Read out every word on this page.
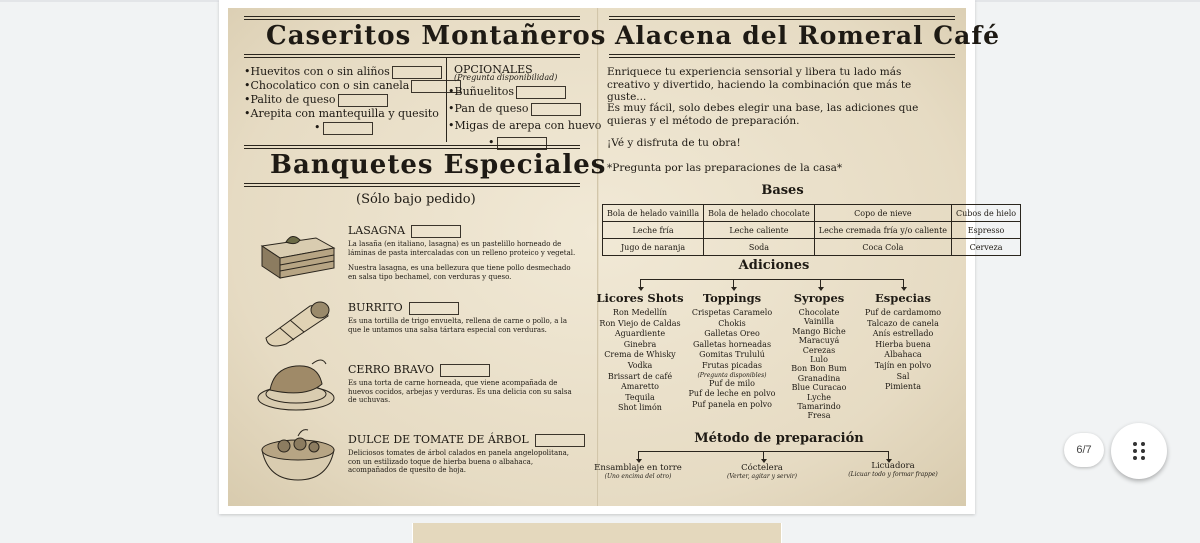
Caseritos Montañeros
• Huevitos con o sin aliños
• Chocolatico con o sin canela
• Palito de queso
• Arepita con mantequilla y quesito
•
OPCIONALES
(Pregunta disponibilidad)
• Buñuelitos
• Pan de queso
• Migas de arepa con huevo
•
Banquetes Especiales
(Sólo bajo pedido)
LASAGNA
La lasaña (en italiano, lasagna) es un pastelillo horneado de láminas de pasta intercaladas con un relleno proteico y vegetal.
Nuestra lasagna, es una bellezura que tiene pollo desmechado en salsa tipo bechamel, con verduras y queso.
BURRITO
Es una tortilla de trigo envuelta, rellena de carne o pollo, a la que le untamos una salsa tártara especial con verduras.
CERRO BRAVO
Es una torta de carne horneada, que viene acompañada de huevos cocidos, arbejas y verduras. Es una delicia con su salsa de uchuvas.
DULCE DE TOMATE DE ÁRBOL
Deliciosos tomates de árbol calados en panela angelopolitana, con un estilizado toque de hierba buena o albahaca, acompañados de quesito de hoja.
Alacena del Romeral Café
Enriquece tu experiencia sensorial y libera tu lado más creativo y divertido, haciendo la combinación que más te guste...
Es muy fácil, solo debes elegir una base, las adiciones que quieras y el método de preparación.
¡Vé y disfruta de tu obra!
*Pregunta por las preparaciones de la casa*
Bases
Bola de helado vainilla	Bola de helado chocolate	Copo de nieve	Cubos de hielo
Leche fría	Leche caliente	Leche cremada fría y/o caliente	Espresso
Jugo de naranja	Soda	Coca Cola	Cerveza
Adiciones
Licores Shots
Ron Medellín
Ron Viejo de Caldas
Aguardiente
Ginebra
Crema de Whisky
Vodka
Brissart de café
Amaretto
Tequila
Shot limón
Toppings
Crispetas Caramelo
Chokis
Galletas Oreo
Galletas horneadas
Gomitas Trululú
Frutas picadas
(Pregunta disponibles)
Puf de milo
Puf de leche en polvo
Puf panela en polvo
Syropes
Chocolate
Vainilla
Mango Biche
Maracuyá
Cerezas
Lulo
Bon Bon Bum
Granadina
Blue Curacao
Lyche
Tamarindo
Fresa
Especias
Puf de cardamomo
Talcazo de canela
Anís estrellado
Hierba buena
Albahaca
Tajín en polvo
Sal
Pimienta
Método de preparación
Ensamblaje en torre
(Uno encima del otro)
Cóctelera
(Verter, agitar y servir)
Licuadora
(Licuar todo y formar frappe)
6/7
